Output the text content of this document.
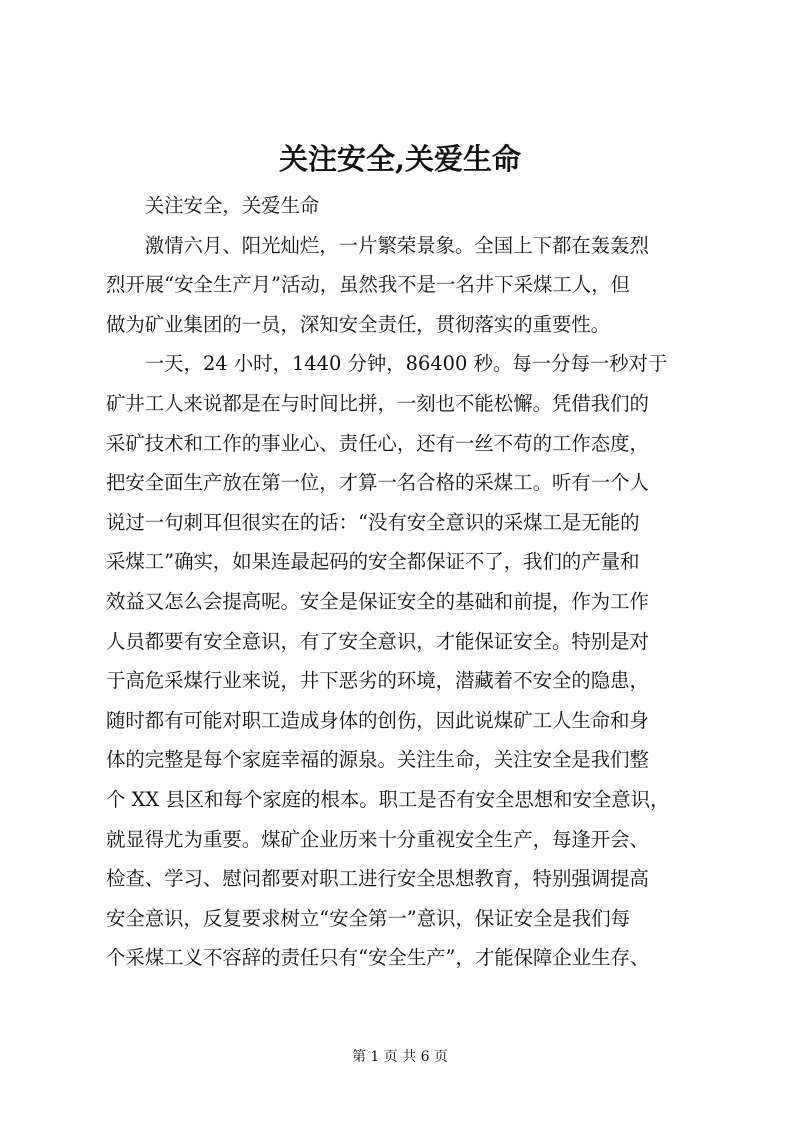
关注安全,关爱生命
　　关注安全，关爱生命
　　激情六月、阳光灿烂，一片繁荣景象。全国上下都在轰轰烈
烈开展“安全生产月”活动，虽然我不是一名井下采煤工人，但
做为矿业集团的一员，深知安全责任，贯彻落实的重要性。
　　一天，24 小时，1440 分钟，86400 秒。每一分每一秒对于
矿井工人来说都是在与时间比拼，一刻也不能松懈。凭借我们的
采矿技术和工作的事业心、责任心，还有一丝不苟的工作态度，
把安全面生产放在第一位，才算一名合格的采煤工。听有一个人
说过一句刺耳但很实在的话：“没有安全意识的采煤工是无能的
采煤工”确实，如果连最起码的安全都保证不了，我们的产量和
效益又怎么会提高呢。安全是保证安全的基础和前提，作为工作
人员都要有安全意识，有了安全意识，才能保证安全。特别是对
于高危采煤行业来说，井下恶劣的环境，潜藏着不安全的隐患，
随时都有可能对职工造成身体的创伤，因此说煤矿工人生命和身
体的完整是每个家庭幸福的源泉。关注生命，关注安全是我们整
个 XX 县区和每个家庭的根本。职工是否有安全思想和安全意识，
就显得尤为重要。煤矿企业历来十分重视安全生产，每逢开会、
检查、学习、慰问都要对职工进行安全思想教育，特别强调提高
安全意识，反复要求树立“安全第一”意识，保证安全是我们每
个采煤工义不容辞的责任只有“安全生产”，才能保障企业生存、
第 1 页 共 6 页
